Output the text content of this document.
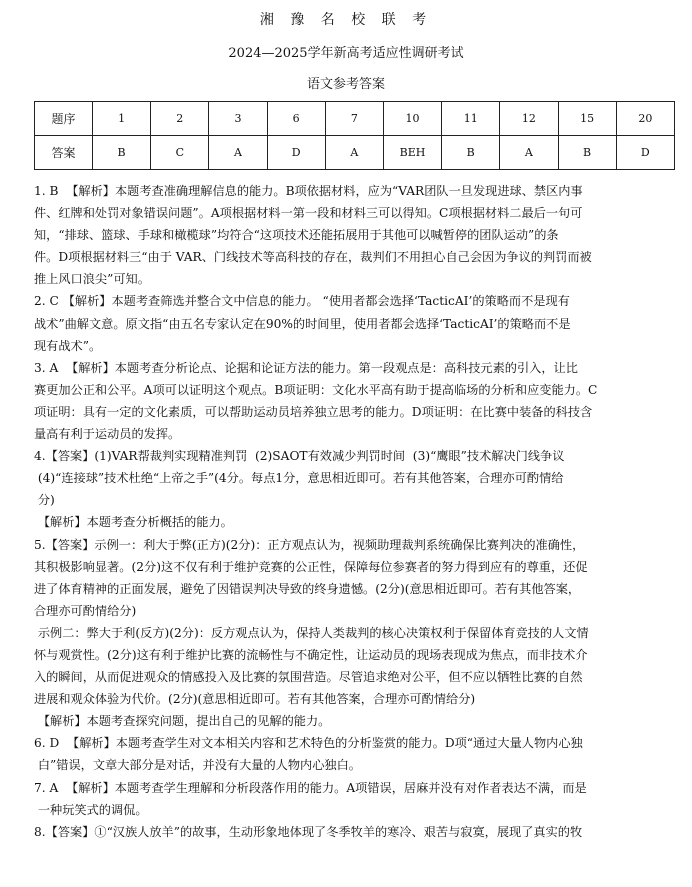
湘 豫 名 校 联 考
2024—2025学年新高考适应性调研考试
语文参考答案
题序	1	2	3	6	7	10	11	12	15	20
答案	B	C	A	D	A	BEH	B	A	B	D
1. B  【解析】本题考查准确理解信息的能力。B项依据材料，应为“VAR团队一旦发现进球、禁区内事
件、红牌和处罚对象错误问题”。A项根据材料一第一段和材料三可以得知。C项根据材料二最后一句可
知，“排球、篮球、手球和橄榄球”均符合“这项技术还能拓展用于其他可以喊暂停的团队运动”的条
件。D项根据材料三“由于 VAR、门线技术等高科技的存在，裁判们不用担心自己会因为争议的判罚而被
推上风口浪尖”可知。
2. C 【解析】本题考查筛选并整合文中信息的能力。 “使用者都会选择‘TacticAI’的策略而不是现有
战术”曲解文意。原文指“由五名专家认定在90%的时间里，使用者都会选择‘TacticAI’的策略而不是
现有战术”。
3. A  【解析】本题考查分析论点、论据和论证方法的能力。第一段观点是：高科技元素的引入，让比
赛更加公正和公平。A项可以证明这个观点。B项证明：文化水平高有助于提高临场的分析和应变能力。C
项证明：具有一定的文化素质，可以帮助运动员培养独立思考的能力。D项证明：在比赛中装备的科技含
量高有利于运动员的发挥。
4.【答案】(1)VAR帮裁判实现精准判罚  (2)SAOT有效减少判罚时间  (3)“鹰眼”技术解决门线争议
(4)“连接球”技术杜绝“上帝之手”(4分。每点1分，意思相近即可。若有其他答案，合理亦可酌情给
分)
【解析】本题考查分析概括的能力。
5.【答案】示例一：利大于弊(正方)(2分)：正方观点认为，视频助理裁判系统确保比赛判决的准确性，
其积极影响显著。(2分)这不仅有利于维护竞赛的公正性，保障每位参赛者的努力得到应有的尊重，还促
进了体育精神的正面发展，避免了因错误判决导致的终身遗憾。(2分)(意思相近即可。若有其他答案，
合理亦可酌情给分)
示例二：弊大于利(反方)(2分)：反方观点认为，保持人类裁判的核心决策权利于保留体育竞技的人文情
怀与观赏性。(2分)这有利于维护比赛的流畅性与不确定性，让运动员的现场表现成为焦点，而非技术介
入的瞬间，从而促进观众的情感投入及比赛的氛围营造。尽管追求绝对公平，但不应以牺牲比赛的自然
进展和观众体验为代价。(2分)(意思相近即可。若有其他答案，合理亦可酌情给分)
【解析】本题考查探究问题，提出自己的见解的能力。
6. D  【解析】本题考查学生对文本相关内容和艺术特色的分析鉴赏的能力。D项“通过大量人物内心独
白”错误，文章大部分是对话，并没有大量的人物内心独白。
7. A  【解析】本题考查学生理解和分析段落作用的能力。A项错误，居麻并没有对作者表达不满，而是
一种玩笑式的调侃。
8.【答案】①“汉族人放羊”的故事，生动形象地体现了冬季牧羊的寒冷、艰苦与寂寞，展现了真实的牧
